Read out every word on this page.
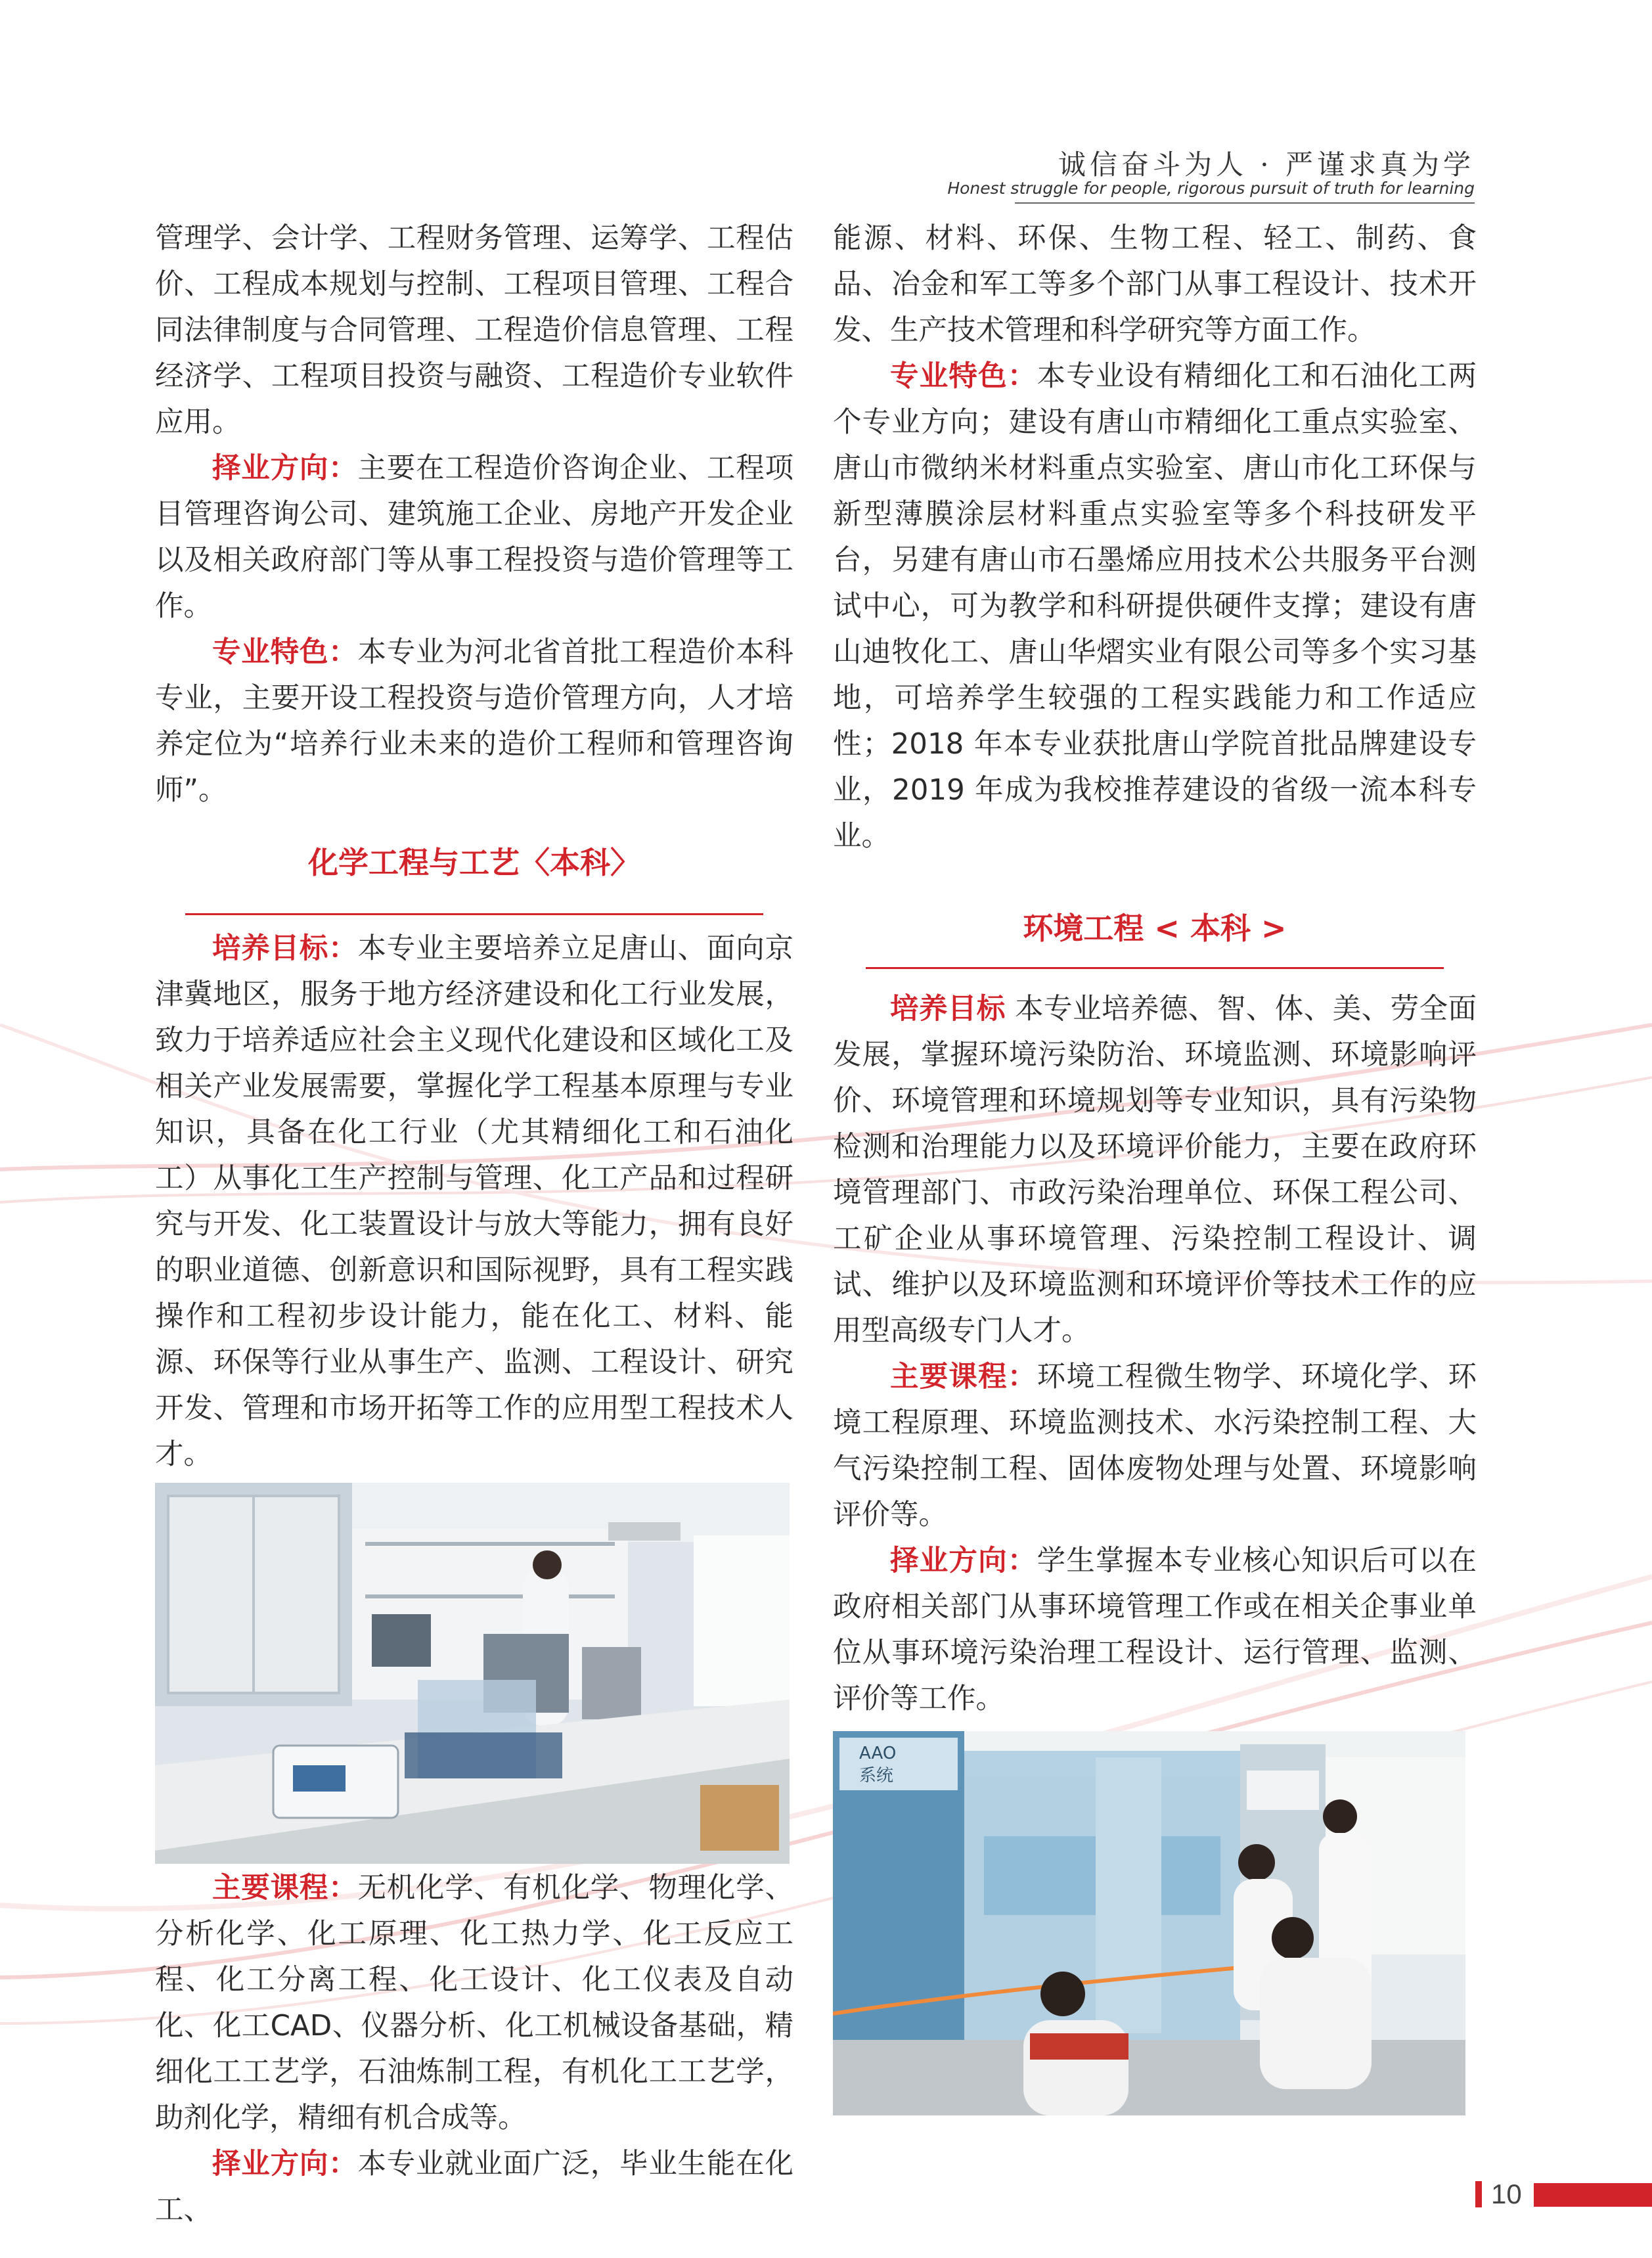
诚信奋斗为人 · 严谨求真为学
Honest struggle for people, rigorous pursuit of truth for learning

管理学、会计学、工程财务管理、运筹学、工程估价、工程成本规划与控制、工程项目管理、工程合同法律制度与合同管理、工程造价信息管理、工程经济学、工程项目投资与融资、工程造价专业软件应用。

择业方向：主要在工程造价咨询企业、工程项目管理咨询公司、建筑施工企业、房地产开发企业以及相关政府部门等从事工程投资与造价管理等工作。

专业特色：本专业为河北省首批工程造价本科专业，主要开设工程投资与造价管理方向，人才培养定位为“培养行业未来的造价工程师和管理咨询师”。

化学工程与工艺〈本科〉

培养目标：本专业主要培养立足唐山、面向京津冀地区，服务于地方经济建设和化工行业发展，致力于培养适应社会主义现代化建设和区域化工及相关产业发展需要，掌握化学工程基本原理与专业知识，具备在化工行业（尤其精细化工和石油化工）从事化工生产控制与管理、化工产品和过程研究与开发、化工装置设计与放大等能力，拥有良好的职业道德、创新意识和国际视野，具有工程实践操作和工程初步设计能力，能在化工、材料、能源、环保等行业从事生产、监测、工程设计、研究开发、管理和市场开拓等工作的应用型工程技术人才。

主要课程：无机化学、有机化学、物理化学、分析化学、化工原理、化工热力学、化工反应工程、化工分离工程、化工设计、化工仪表及自动化、化工CAD、仪器分析、化工机械设备基础，精细化工工艺学，石油炼制工程，有机化工工艺学，助剂化学，精细有机合成等。

择业方向：本专业就业面广泛，毕业生能在化工、

能源、材料、环保、生物工程、轻工、制药、食品、冶金和军工等多个部门从事工程设计、技术开发、生产技术管理和科学研究等方面工作。

专业特色：本专业设有精细化工和石油化工两个专业方向；建设有唐山市精细化工重点实验室、唐山市微纳米材料重点实验室、唐山市化工环保与新型薄膜涂层材料重点实验室等多个科技研发平台，另建有唐山市石墨烯应用技术公共服务平台测试中心，可为教学和科研提供硬件支撑；建设有唐山迪牧化工、唐山华熠实业有限公司等多个实习基地，可培养学生较强的工程实践能力和工作适应性；2018 年本专业获批唐山学院首批品牌建设专业，2019 年成为我校推荐建设的省级一流本科专业。

环境工程 < 本科 >

培养目标 本专业培养德、智、体、美、劳全面发展，掌握环境污染防治、环境监测、环境影响评价、环境管理和环境规划等专业知识，具有污染物检测和治理能力以及环境评价能力，主要在政府环境管理部门、市政污染治理单位、环保工程公司、工矿企业从事环境管理、污染控制工程设计、调试、维护以及环境监测和环境评价等技术工作的应用型高级专门人才。

主要课程：环境工程微生物学、环境化学、环境工程原理、环境监测技术、水污染控制工程、大气污染控制工程、固体废物处理与处置、环境影响评价等。

择业方向：学生掌握本专业核心知识后可以在政府相关部门从事环境管理工作或在相关企事业单位从事环境污染治理工程设计、运行管理、监测、评价等工作。

AAO
系统
10
